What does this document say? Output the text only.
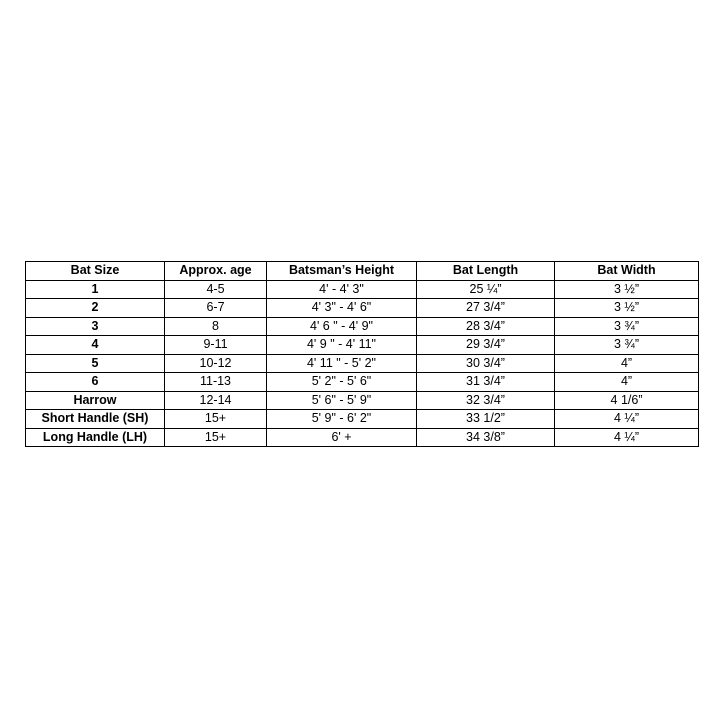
Bat Size	Approx. age	Batsman’s Height	Bat Length	Bat Width
1	4-5	4' - 4' 3"	25 ¼”	3 ½”
2	6-7	4' 3" - 4' 6"	27 3/4”	3 ½”
3	8	4' 6 " - 4' 9"	28 3/4”	3 ¾”
4	9-11	4' 9 " - 4' 11"	29 3/4”	3 ¾”
5	10-12	4' 11 " - 5' 2"	30 3/4”	4”
6	11-13	5' 2" - 5' 6"	31 3/4”	4”
Harrow	12-14	5' 6" - 5' 9"	32 3/4”	4 1/6”
Short Handle (SH)	15+	5' 9" - 6' 2"	33 1/2”	4 ¼”
Long Handle (LH)	15+	6' +	34 3/8”	4 ¼”
